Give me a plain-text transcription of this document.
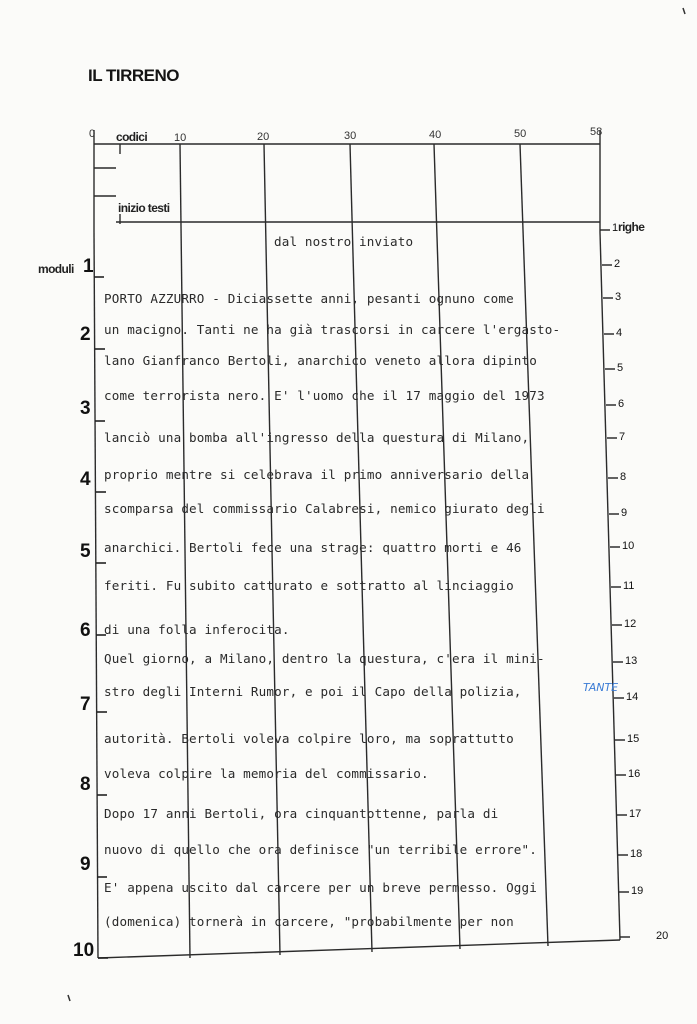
IL TIRRENO
codici
inizio testi
righe
moduli
0	10	20	30	40	50	58
1
2
3
4
5
6
7
8
9
10
1
2
3
4
5
6
7
8
9
10
11
12
13
14
15
16
17
18
19
20
dal nostro inviato
PORTO AZZURRO - Diciassette anni, pesanti ognuno come
un macigno. Tanti ne ha già trascorsi in carcere l'ergasto-
lano Gianfranco Bertoli, anarchico veneto allora dipinto
come terrorista nero. E' l'uomo che il 17 maggio del 1973
lanciò una bomba all'ingresso della questura di Milano,
proprio mentre si celebrava il primo anniversario della
scomparsa del commissario Calabresi, nemico giurato degli
anarchici. Bertoli fece una strage: quattro morti e 46
feriti. Fu subito catturato e sottratto al linciaggio
di una folla inferocita.
Quel giorno, a Milano, dentro la questura, c'era il mini-
stro degli Interni Rumor, e poi il Capo della polizia,	TANTE
autorità. Bertoli voleva colpire loro, ma soprattutto
voleva colpire la memoria del commissario.
Dopo 17 anni Bertoli, ora cinquantottenne, parla di
nuovo di quello che ora definisce "un terribile errore".
E' appena uscito dal carcere per un breve permesso. Oggi
(domenica) tornerà in carcere, "probabilmente per non
